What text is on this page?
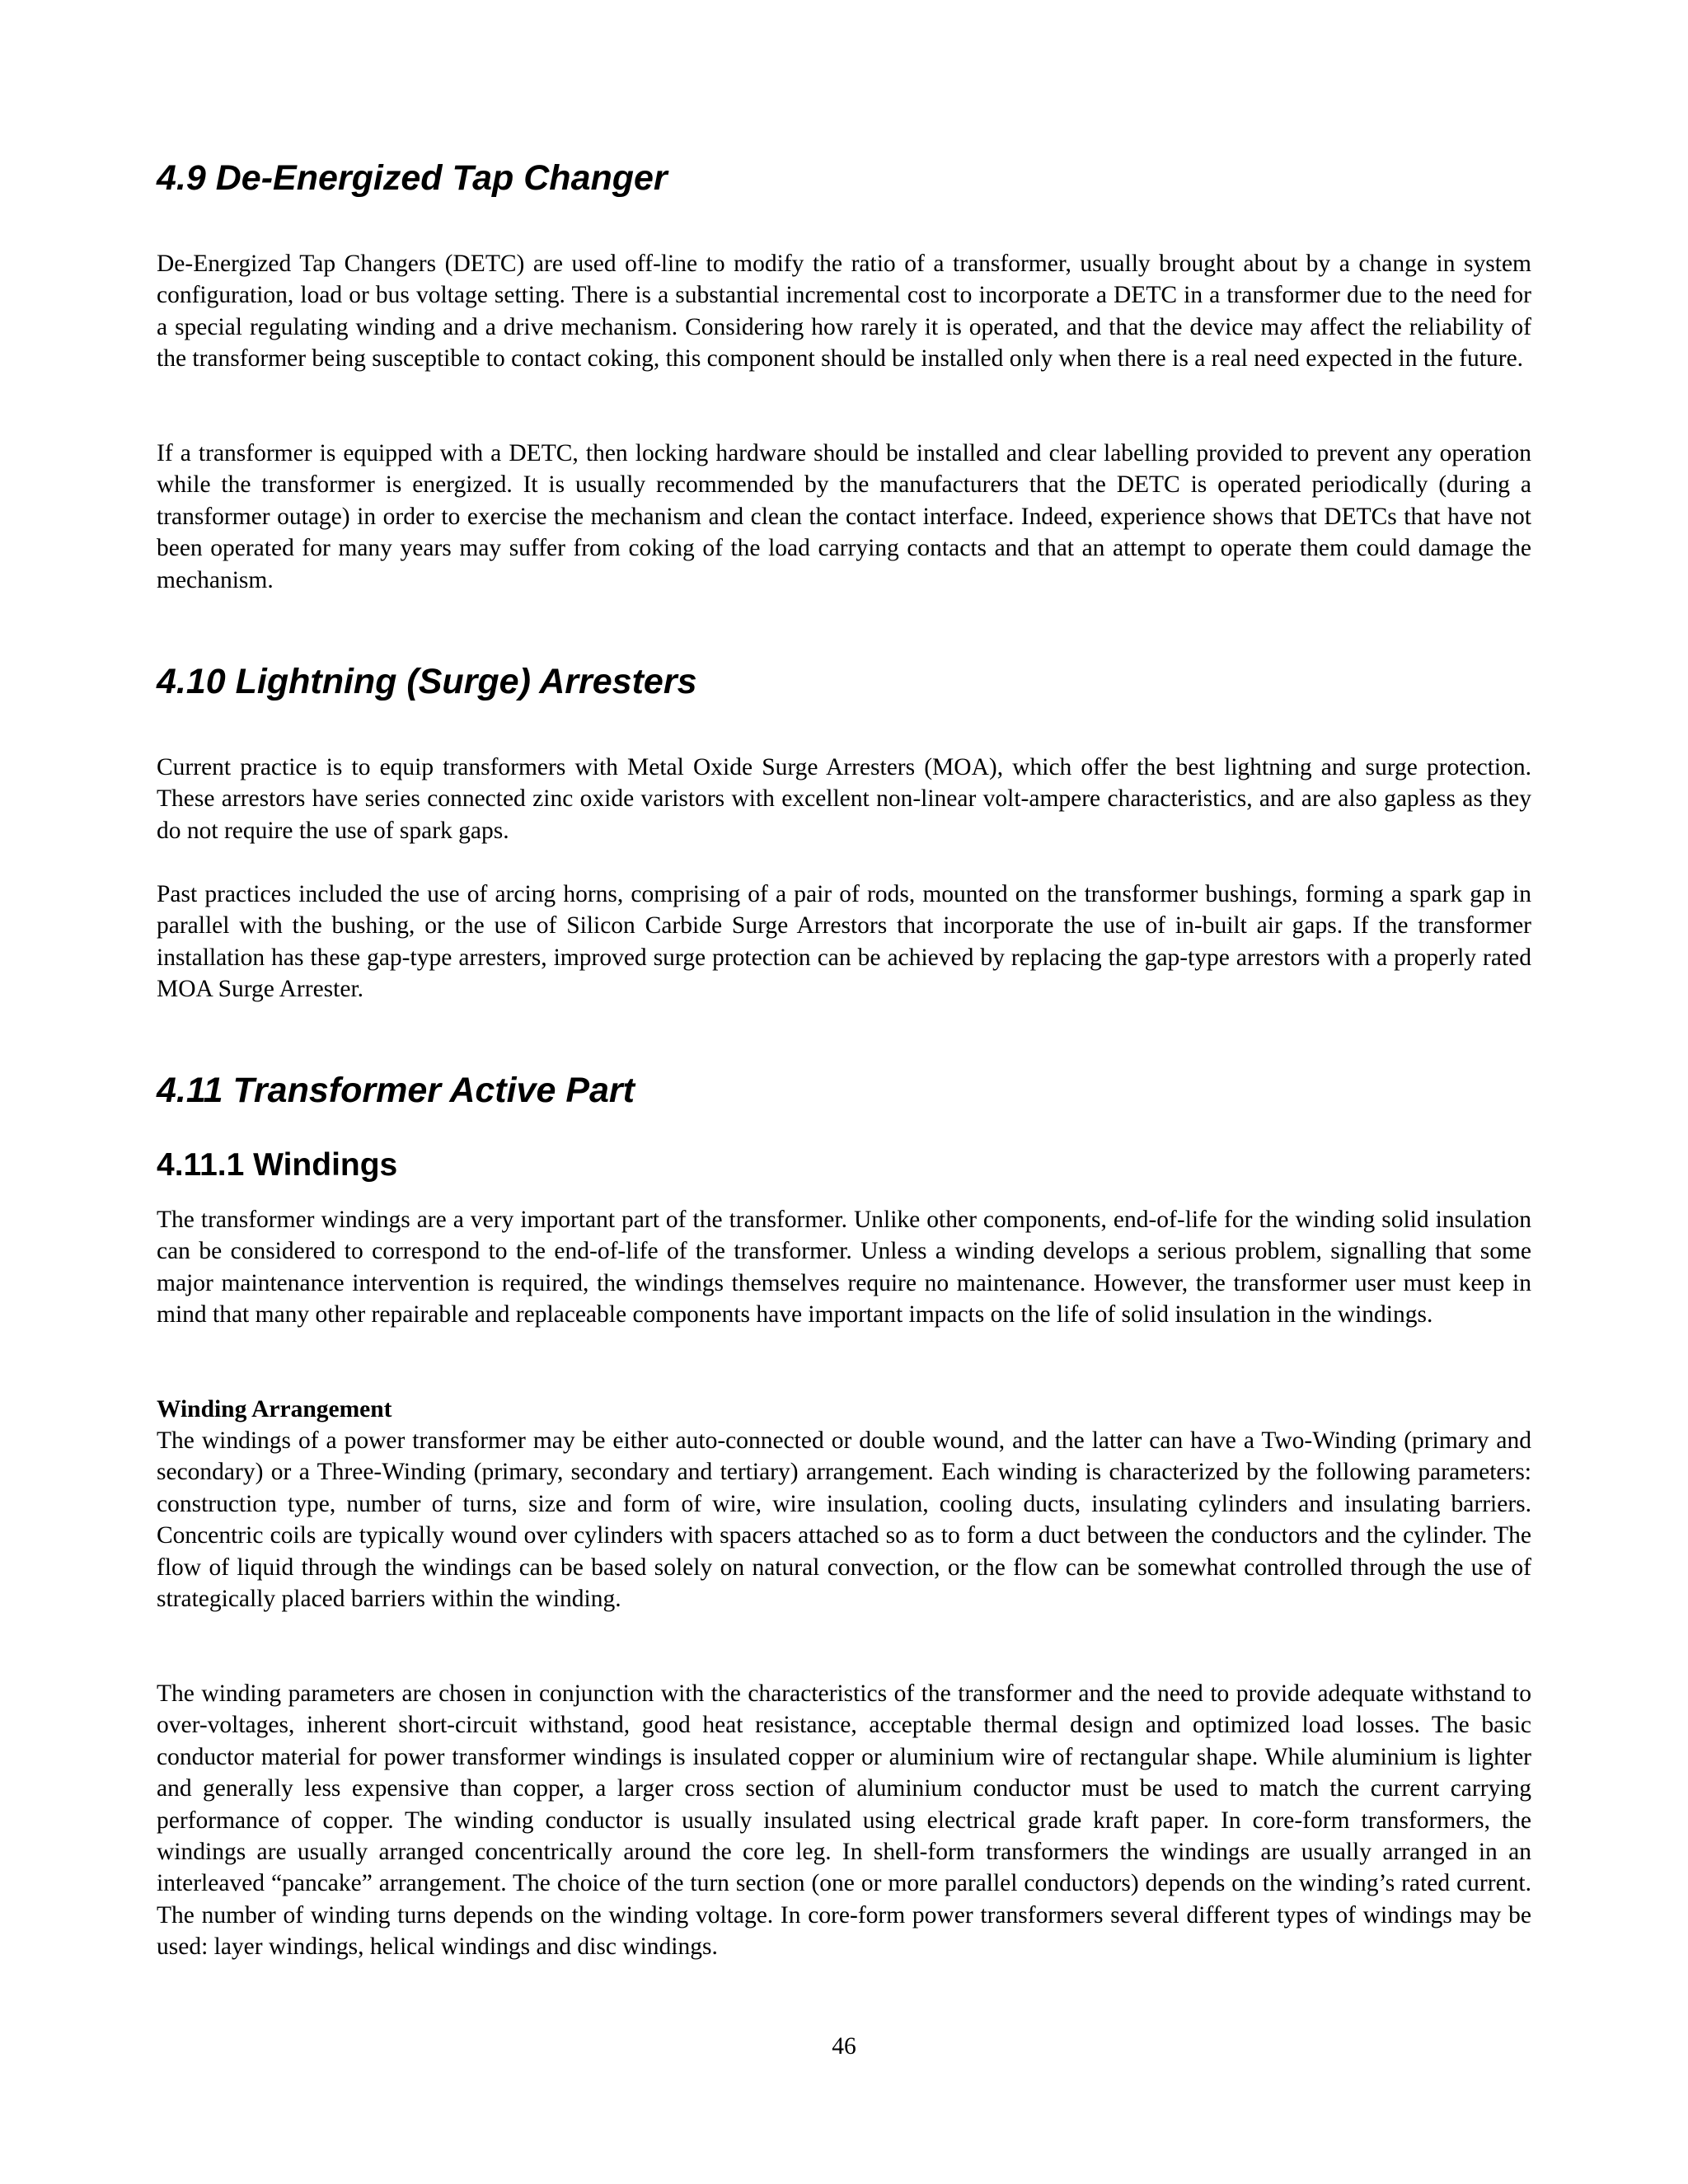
4.9 De-Energized Tap Changer

De-Energized Tap Changers (DETC) are used off-line to modify the ratio of a transformer, usually brought about by a change in system configuration, load or bus voltage setting. There is a substantial incremental cost to incorporate a DETC in a transformer due to the need for a special regulating winding and a drive mechanism. Considering how rarely it is operated, and that the device may affect the reliability of the transformer being susceptible to contact coking, this component should be installed only when there is a real need expected in the future.

If a transformer is equipped with a DETC, then locking hardware should be installed and clear labelling provided to prevent any operation while the transformer is energized. It is usually recommended by the manufacturers that the DETC is operated periodically (during a transformer outage) in order to exercise the mechanism and clean the contact interface. Indeed, experience shows that DETCs that have not been operated for many years may suffer from coking of the load carrying contacts and that an attempt to operate them could damage the mechanism.

4.10 Lightning (Surge) Arresters

Current practice is to equip transformers with Metal Oxide Surge Arresters (MOA), which offer the best lightning and surge protection. These arrestors have series connected zinc oxide varistors with excellent non-linear volt-ampere characteristics, and are also gapless as they do not require the use of spark gaps.

Past practices included the use of arcing horns, comprising of a pair of rods, mounted on the transformer bushings, forming a spark gap in parallel with the bushing, or the use of Silicon Carbide Surge Arrestors that incorporate the use of in-built air gaps. If the transformer installation has these gap-type arresters, improved surge protection can be achieved by replacing the gap-type arrestors with a properly rated MOA Surge Arrester.

4.11 Transformer Active Part
4.11.1 Windings

The transformer windings are a very important part of the transformer. Unlike other components, end-of-life for the winding solid insulation can be considered to correspond to the end-of-life of the transformer. Unless a winding develops a serious problem, signalling that some major maintenance intervention is required, the windings themselves require no maintenance. However, the transformer user must keep in mind that many other repairable and replaceable components have important impacts on the life of solid insulation in the windings.

Winding Arrangement

The windings of a power transformer may be either auto-connected or double wound, and the latter can have a Two-Winding (primary and secondary) or a Three-Winding (primary, secondary and tertiary) arrangement. Each winding is characterized by the following parameters: construction type, number of turns, size and form of wire, wire insulation, cooling ducts, insulating cylinders and insulating barriers. Concentric coils are typically wound over cylinders with spacers attached so as to form a duct between the conductors and the cylinder. The flow of liquid through the windings can be based solely on natural convection, or the flow can be somewhat controlled through the use of strategically placed barriers within the winding.

The winding parameters are chosen in conjunction with the characteristics of the transformer and the need to provide adequate withstand to over-voltages, inherent short-circuit withstand, good heat resistance, acceptable thermal design and optimized load losses. The basic conductor material for power transformer windings is insulated copper or aluminium wire of rectangular shape. While aluminium is lighter and generally less expensive than copper, a larger cross section of aluminium conductor must be used to match the current carrying performance of copper. The winding conductor is usually insulated using electrical grade kraft paper. In core-form transformers, the windings are usually arranged concentrically around the core leg. In shell-form transformers the windings are usually arranged in an interleaved “pancake” arrangement. The choice of the turn section (one or more parallel conductors) depends on the winding’s rated current. The number of winding turns depends on the winding voltage. In core-form power transformers several different types of windings may be used: layer windings, helical windings and disc windings.

46
